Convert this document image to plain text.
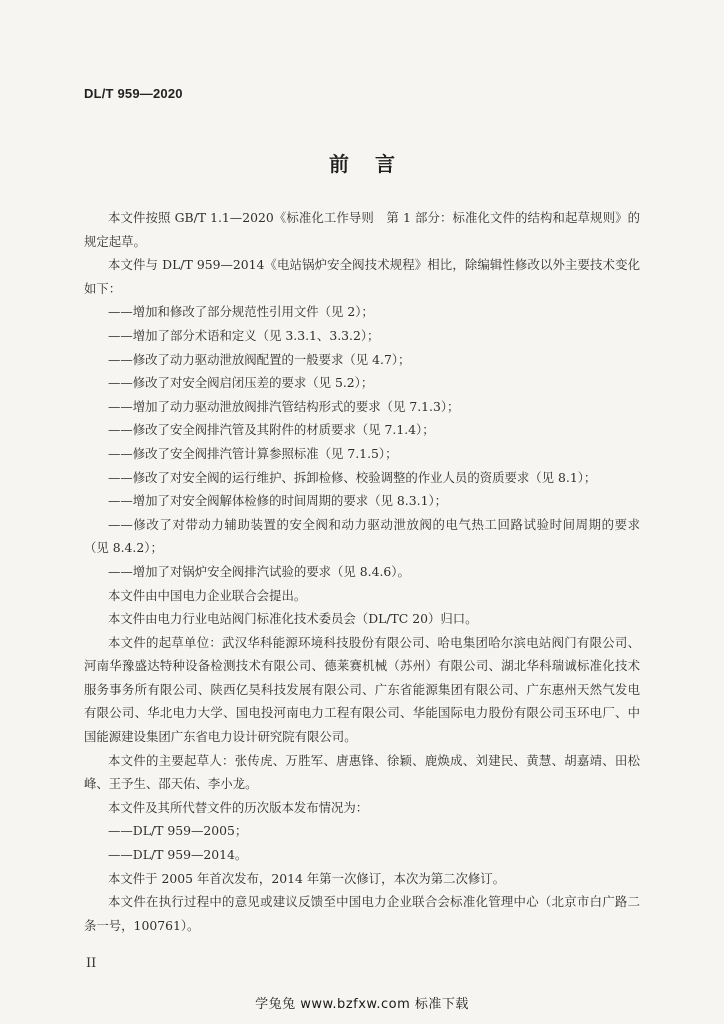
DL/T 959—2020
前言

本文件按照 GB/T 1.1—2020《标准化工作导则　第 1 部分：标准化文件的结构和起草规则》的规定起草。

本文件与 DL/T 959—2014《电站锅炉安全阀技术规程》相比，除编辑性修改以外主要技术变化如下：

——增加和修改了部分规范性引用文件（见 2）；

——增加了部分术语和定义（见 3.3.1、3.3.2）；

——修改了动力驱动泄放阀配置的一般要求（见 4.7）；

——修改了对安全阀启闭压差的要求（见 5.2）；

——增加了动力驱动泄放阀排汽管结构形式的要求（见 7.1.3）；

——修改了安全阀排汽管及其附件的材质要求（见 7.1.4）；

——修改了安全阀排汽管计算参照标准（见 7.1.5）；

——修改了对安全阀的运行维护、拆卸检修、校验调整的作业人员的资质要求（见 8.1）；

——增加了对安全阀解体检修的时间周期的要求（见 8.3.1）；

——修改了对带动力辅助装置的安全阀和动力驱动泄放阀的电气热工回路试验时间周期的要求（见 8.4.2）；

——增加了对锅炉安全阀排汽试验的要求（见 8.4.6）。

本文件由中国电力企业联合会提出。

本文件由电力行业电站阀门标准化技术委员会（DL/TC 20）归口。

本文件的起草单位：武汉华科能源环境科技股份有限公司、哈电集团哈尔滨电站阀门有限公司、河南华豫盛达特种设备检测技术有限公司、德莱赛机械（苏州）有限公司、湖北华科瑞诚标准化技术服务事务所有限公司、陕西亿昊科技发展有限公司、广东省能源集团有限公司、广东惠州天然气发电有限公司、华北电力大学、国电投河南电力工程有限公司、华能国际电力股份有限公司玉环电厂、中国能源建设集团广东省电力设计研究院有限公司。

本文件的主要起草人：张传虎、万胜军、唐惠锋、徐颖、鹿焕成、刘建民、黄慧、胡嘉靖、田松峰、王予生、邵天佑、李小龙。

本文件及其所代替文件的历次版本发布情况为：

——DL/T 959—2005；

——DL/T 959—2014。

本文件于 2005 年首次发布，2014 年第一次修订，本次为第二次修订。

本文件在执行过程中的意见或建议反馈至中国电力企业联合会标准化管理中心（北京市白广路二条一号，100761）。

II
学兔兔 www.bzfxw.com 标准下载
